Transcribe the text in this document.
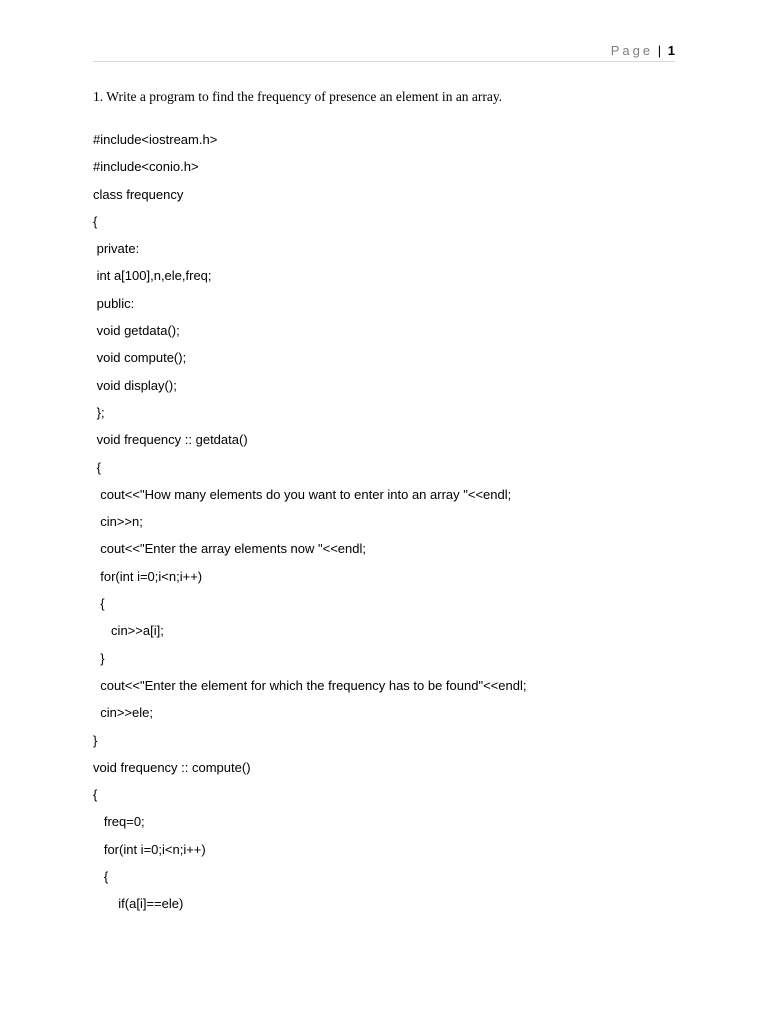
Page | 1
1. Write a program to find the frequency of presence an element in an array.
#include<iostream.h>
#include<conio.h>
class frequency
{
private:
int a[100],n,ele,freq;
public:
void getdata();
void compute();
void display();
};
void frequency :: getdata()
{
cout<<"How many elements do you want to enter into an array "<<endl;
cin>>n;
cout<<"Enter the array elements now "<<endl;
for(int i=0;i<n;i++)
{
cin>>a[i];
}
cout<<"Enter the element for which the frequency has to be found"<<endl;
cin>>ele;
}
void frequency :: compute()
{
freq=0;
for(int i=0;i<n;i++)
{
if(a[i]==ele)
